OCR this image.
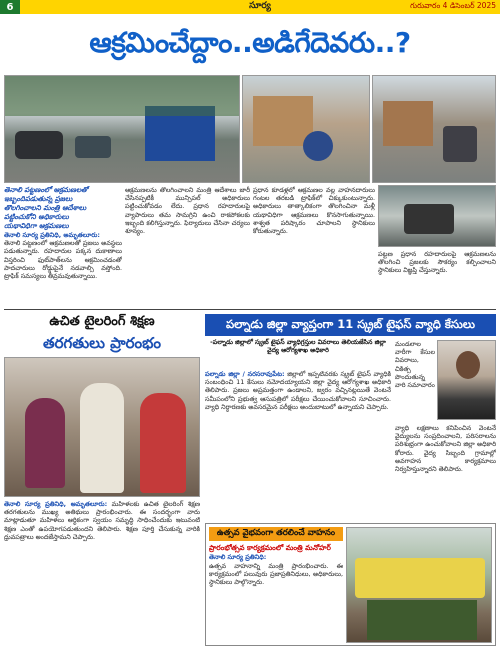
6	సూర్య	గురువారం 4 డిసెంబర్ 2025
ఆక్రమించేద్దాం..అడిగేదెవరు..?
తెనాలి పట్టణంలో ఆక్రమణలతో
ఇబ్బందిపడుతున్న ప్రజలు
తొలగించాలని మంత్రి ఆదేశాలు
పట్టించుకోని అధికారులు
యథావిధిగా ఆక్రమణలు
తెనాలి సూర్య ప్రతినిధి, అమృతలూరు:
తెనాలి పట్టణంలో ఆక్రమణలతో ప్రజలు అవస్థలు పడుతున్నారు. రహదారుల పక్కన దుకాణాలు విస్తరించి ఫుట్‌పాత్‌లను ఆక్రమించడంతో పాదచారులు రోడ్డుపైనే నడవాల్సి వస్తోంది. ట్రాఫిక్ సమస్యలు తీవ్రమవుతున్నాయి.
ఆక్రమణలను తొలగించాలని మంత్రి ఆదేశాలు జారీ చేసినప్పటికీ మున్సిపల్ అధికారులు పట్టించుకోవడం లేదు. ప్రధాన రహదారులపై వ్యాపారులు తమ సామగ్రిని ఉంచి రాకపోకలకు ఇబ్బంది కలిగిస్తున్నారు. ఫిర్యాదులు చేసినా చర్యలు శూన్యం.
ప్రధాన కూడళ్లలో ఆక్రమణల వల్ల వాహనదారులు గంటల తరబడి ట్రాఫిక్‌లో చిక్కుకుంటున్నారు. అధికారులు తాత్కాలికంగా తొలగించినా మళ్లీ యథావిధిగా ఆక్రమణలు కొనసాగుతున్నాయి. శాశ్వత పరిష్కారం చూపాలని స్థానికులు కోరుతున్నారు.
పట్టణ ప్రధాన రహదారులపై ఆక్రమణలను తొలగించి ప్రజలకు సౌకర్యం కల్పించాలని స్థానికులు విజ్ఞప్తి చేస్తున్నారు.
ఉచిత టైలరింగ్ శిక్షణ
తరగతులు ప్రారంభం
తెనాలి సూర్య ప్రతినిధి, అమృతలూరు: మహిళలకు ఉచిత టైలరింగ్ శిక్షణ తరగతులను ముఖ్య అతిథులు ప్రారంభించారు. ఈ సందర్భంగా వారు మాట్లాడుతూ మహిళలు ఆర్థికంగా స్వయం సమృద్ధి సాధించేందుకు ఇటువంటి శిక్షణ ఎంతో ఉపయోగపడుతుందని తెలిపారు. శిక్షణ పూర్తి చేసుకున్న వారికి ధ్రువపత్రాలు అందజేస్తామని చెప్పారు.
పల్నాడు జిల్లా వ్యాప్తంగా 11 స్క్రబ్ టైఫస్ వ్యాధి కేసులు
-పల్నాడు జిల్లాలో స్క్రబ్ టైఫస్ వ్యాధిగ్రస్తుల వివరాలు తెలియజేసిన జిల్లా వైద్య ఆరోగ్యశాఖ అధికారి
పల్నాడు జిల్లా / నరసరావుపేట: జిల్లాలో ఇప్పటివరకు స్క్రబ్ టైఫస్ వ్యాధికి సంబంధించి 11 కేసులు నమోదయ్యాయని జిల్లా వైద్య ఆరోగ్యశాఖ అధికారి తెలిపారు. ప్రజలు అప్రమత్తంగా ఉండాలని, జ్వరం వచ్చినట్లయితే వెంటనే సమీపంలోని ప్రభుత్వ ఆసుపత్రిలో పరీక్షలు చేయించుకోవాలని సూచించారు. వ్యాధి నిర్ధారణకు అవసరమైన పరీక్షలు అందుబాటులో ఉన్నాయని చెప్పారు.
మండలాల వారీగా కేసుల వివరాలు, చికిత్స పొందుతున్న వారి సమాచారం
వ్యాధి లక్షణాలు కనిపించిన వెంటనే వైద్యులను సంప్రదించాలని, పరిసరాలను పరిశుభ్రంగా ఉంచుకోవాలని జిల్లా అధికారి కోరారు. వైద్య సిబ్బంది గ్రామాల్లో అవగాహన కార్యక్రమాలు నిర్వహిస్తున్నారని తెలిపారు.
ఉత్సవ వైభవంగా తరలించే వాహనం
ప్రారంభోత్సవ కార్యక్రమంలో మంత్రి మనోహర్
తెనాలి సూర్య ప్రతినిధి:
ఉత్సవ వాహనాన్ని మంత్రి ప్రారంభించారు. ఈ కార్యక్రమంలో పలువురు ప్రజాప్రతినిధులు, అధికారులు, స్థానికులు పాల్గొన్నారు.
